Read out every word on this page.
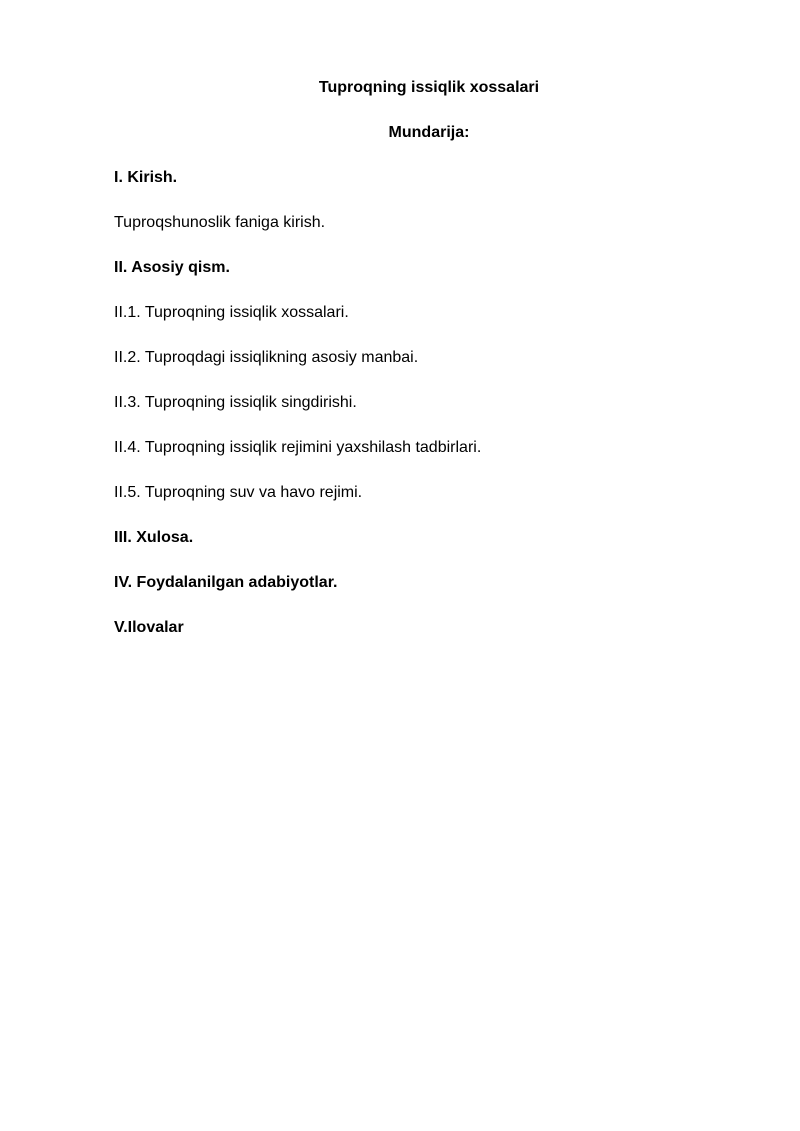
Tuproqning issiqlik xossalari
Mundarija:
I. Kirish.
Tuproqshunoslik faniga kirish.
II. Asosiy qism.
II.1. Tuproqning issiqlik xossalari.
II.2. Tuproqdagi issiqlikning asosiy manbai.
II.3. Tuproqning issiqlik singdirishi.
II.4. Tuproqning issiqlik rejimini yaxshilash tadbirlari.
II.5. Tuproqning suv va havo rejimi.
III. Xulosa.
IV. Foydalanilgan adabiyotlar.
V.Ilovalar
